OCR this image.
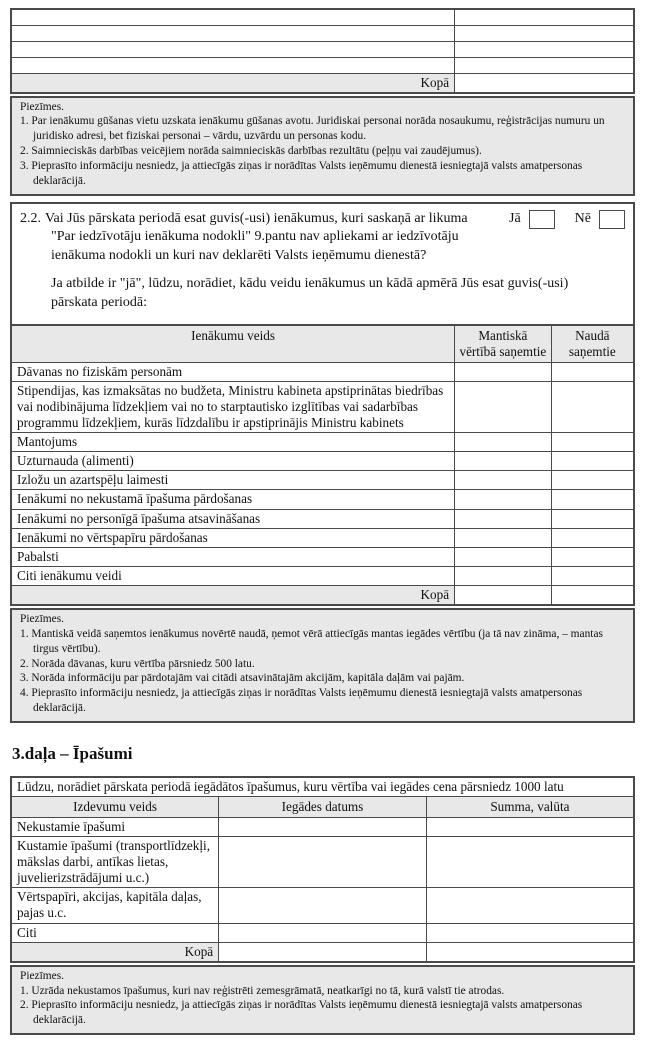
Kopā	
Piezīmes.
1. Par ienākumu gūšanas vietu uzskata ienākumu gūšanas avotu. Juridiskai personai norāda nosaukumu, reģistrācijas numuru un juridisko adresi, bet fiziskai personai – vārdu, uzvārdu un personas kodu.
2. Saimnieciskās darbības veicējiem norāda saimnieciskās darbības rezultātu (peļņu vai zaudējumus).
3. Pieprasīto informāciju nesniedz, ja attiecīgās ziņas ir norādītas Valsts ieņēmumu dienestā iesniegtajā valsts amatpersonas deklarācijā.
2.2. Vai Jūs pārskata periodā esat guvis(-usi) ienākumus, kuri saskaņā ar likuma "Par iedzīvotāju ienākuma nodokli" 9.pantu nav apliekami ar iedzīvotāju ienākuma nodokli un kuri nav deklarēti Valsts ieņēmumu dienestā?
Jā	Nē
Ja atbilde ir "jā", lūdzu, norādiet, kādu veidu ienākumus un kādā apmērā Jūs esat guvis(-usi) pārskata periodā:
Ienākumu veids	Mantiskā vērtībā saņemtie	Naudā saņemtie
Dāvanas no fiziskām personām		
Stipendijas, kas izmaksātas no budžeta, Ministru kabineta apstiprinātas biedrības vai nodibinājuma līdzekļiem vai no to starptautisko izglītības vai sadarbības programmu līdzekļiem, kurās līdzdalību ir apstiprinājis Ministru kabinets		
Mantojums		
Uzturnauda (alimenti)		
Izložu un azartspēļu laimesti		
Ienākumi no nekustamā īpašuma pārdošanas		
Ienākumi no personīgā īpašuma atsavināšanas		
Ienākumi no vērtspapīru pārdošanas		
Pabalsti		
Citi ienākumu veidi		
Kopā		
Piezīmes.
1. Mantiskā veidā saņemtos ienākumus novērtē naudā, ņemot vērā attiecīgās mantas iegādes vērtību (ja tā nav zināma, – mantas tirgus vērtību).
2. Norāda dāvanas, kuru vērtība pārsniedz 500 latu.
3. Norāda informāciju par pārdotajām vai citādi atsavinātajām akcijām, kapitāla daļām vai pajām.
4. Pieprasīto informāciju nesniedz, ja attiecīgās ziņas ir norādītas Valsts ieņēmumu dienestā iesniegtajā valsts amatpersonas deklarācijā.
3.daļa – Īpašumi
Lūdzu, norādiet pārskata periodā iegādātos īpašumus, kuru vērtība vai iegādes cena pārsniedz 1000 latu		
Izdevumu veids	Iegādes datums	Summa, valūta
Nekustamie īpašumi		
Kustamie īpašumi (transportlīdzekļi, mākslas darbi, antīkas lietas, juvelierizstrādājumi u.c.)		
Vērtspapīri, akcijas, kapitāla daļas, pajas u.c.		
Citi		
Kopā		
Piezīmes.
1. Uzrāda nekustamos īpašumus, kuri nav reģistrēti zemesgrāmatā, neatkarīgi no tā, kurā valstī tie atrodas.
2. Pieprasīto informāciju nesniedz, ja attiecīgās ziņas ir norādītas Valsts ieņēmumu dienestā iesniegtajā valsts amatpersonas deklarācijā.
